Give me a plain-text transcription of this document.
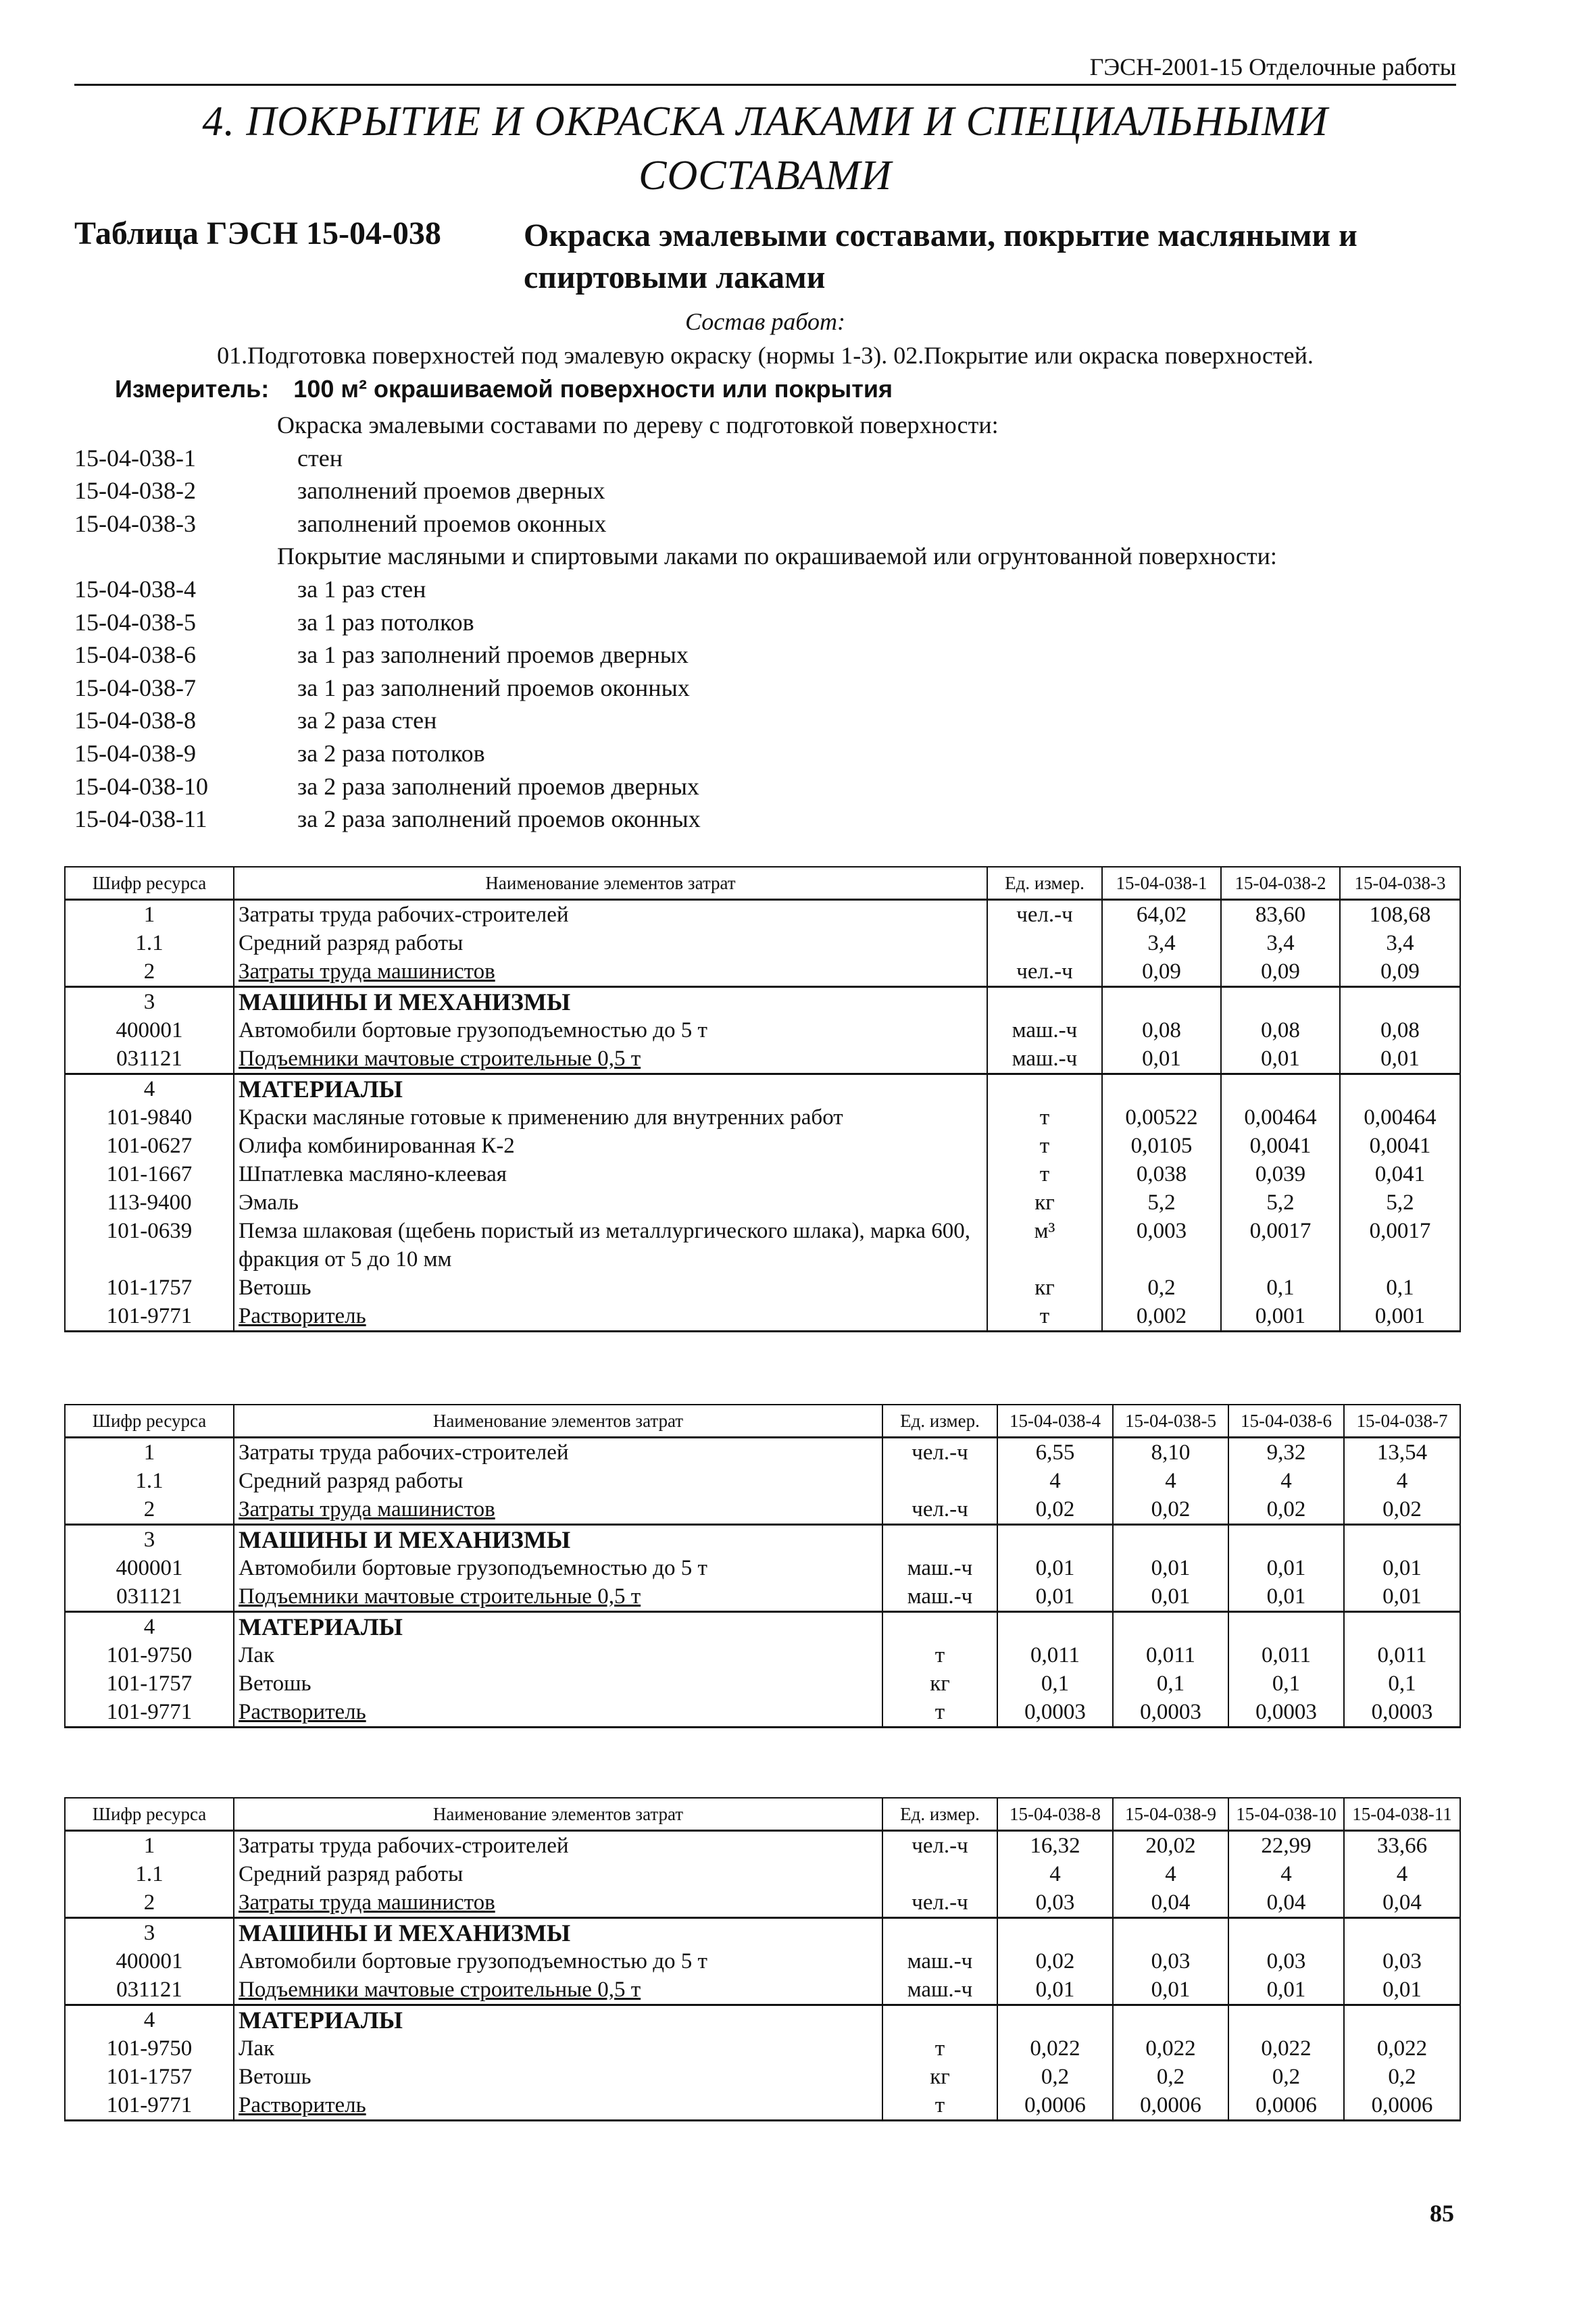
ГЭСН-2001-15 Отделочные работы
4. ПОКРЫТИЕ И ОКРАСКА ЛАКАМИ И СПЕЦИАЛЬНЫМИ СОСТАВАМИ
Таблица ГЭСН 15-04-038	Окраска эмалевыми составами, покрытие масляными и спиртовыми лаками
Состав работ:
01.Подготовка поверхностей под эмалевую окраску (нормы 1-3). 02.Покрытие или окраска поверхностей.
Измеритель: 100 м² окрашиваемой поверхности или покрытия
Окраска эмалевыми составами по дереву с подготовкой поверхности:
15-04-038-1	стен
15-04-038-2	заполнений проемов дверных
15-04-038-3	заполнений проемов оконных
Покрытие масляными и спиртовыми лаками по окрашиваемой или огрунтованной поверхности:
15-04-038-4	за 1 раз стен
15-04-038-5	за 1 раз потолков
15-04-038-6	за 1 раз заполнений проемов дверных
15-04-038-7	за 1 раз заполнений проемов оконных
15-04-038-8	за 2 раза стен
15-04-038-9	за 2 раза потолков
15-04-038-10	за 2 раза заполнений проемов дверных
15-04-038-11	за 2 раза заполнений проемов оконных
Шифр ресурса	Наименование элементов затрат	Ед. измер.	15-04-038-1	15-04-038-2	15-04-038-3
1	Затраты труда рабочих-строителей	чел.-ч	64,02	83,60	108,68
1.1	Средний разряд работы		3,4	3,4	3,4
2	Затраты труда машинистов	чел.-ч	0,09	0,09	0,09
3	МАШИНЫ И МЕХАНИЗМЫ				
400001	Автомобили бортовые грузоподъемностью до 5 т	маш.-ч	0,08	0,08	0,08
031121	Подъемники мачтовые строительные 0,5 т	маш.-ч	0,01	0,01	0,01
4	МАТЕРИАЛЫ				
101-9840	Краски масляные готовые к применению для внутренних работ	т	0,00522	0,00464	0,00464
101-0627	Олифа комбинированная К-2	т	0,0105	0,0041	0,0041
101-1667	Шпатлевка масляно-клеевая	т	0,038	0,039	0,041
113-9400	Эмаль	кг	5,2	5,2	5,2
101-0639	Пемза шлаковая (щебень пористый из металлургического шлака), марка 600, фракция от 5 до 10 мм	м³	0,003	0,0017	0,0017
101-1757	Ветошь	кг	0,2	0,1	0,1
101-9771	Растворитель	т	0,002	0,001	0,001
Шифр ресурса	Наименование элементов затрат	Ед. измер.	15-04-038-4	15-04-038-5	15-04-038-6	15-04-038-7
1	Затраты труда рабочих-строителей	чел.-ч	6,55	8,10	9,32	13,54
1.1	Средний разряд работы		4	4	4	4
2	Затраты труда машинистов	чел.-ч	0,02	0,02	0,02	0,02
3	МАШИНЫ И МЕХАНИЗМЫ					
400001	Автомобили бортовые грузоподъемностью до 5 т	маш.-ч	0,01	0,01	0,01	0,01
031121	Подъемники мачтовые строительные 0,5 т	маш.-ч	0,01	0,01	0,01	0,01
4	МАТЕРИАЛЫ					
101-9750	Лак	т	0,011	0,011	0,011	0,011
101-1757	Ветошь	кг	0,1	0,1	0,1	0,1
101-9771	Растворитель	т	0,0003	0,0003	0,0003	0,0003
Шифр ресурса	Наименование элементов затрат	Ед. измер.	15-04-038-8	15-04-038-9	15-04-038-10	15-04-038-11
1	Затраты труда рабочих-строителей	чел.-ч	16,32	20,02	22,99	33,66
1.1	Средний разряд работы		4	4	4	4
2	Затраты труда машинистов	чел.-ч	0,03	0,04	0,04	0,04
3	МАШИНЫ И МЕХАНИЗМЫ					
400001	Автомобили бортовые грузоподъемностью до 5 т	маш.-ч	0,02	0,03	0,03	0,03
031121	Подъемники мачтовые строительные 0,5 т	маш.-ч	0,01	0,01	0,01	0,01
4	МАТЕРИАЛЫ					
101-9750	Лак	т	0,022	0,022	0,022	0,022
101-1757	Ветошь	кг	0,2	0,2	0,2	0,2
101-9771	Растворитель	т	0,0006	0,0006	0,0006	0,0006
85
